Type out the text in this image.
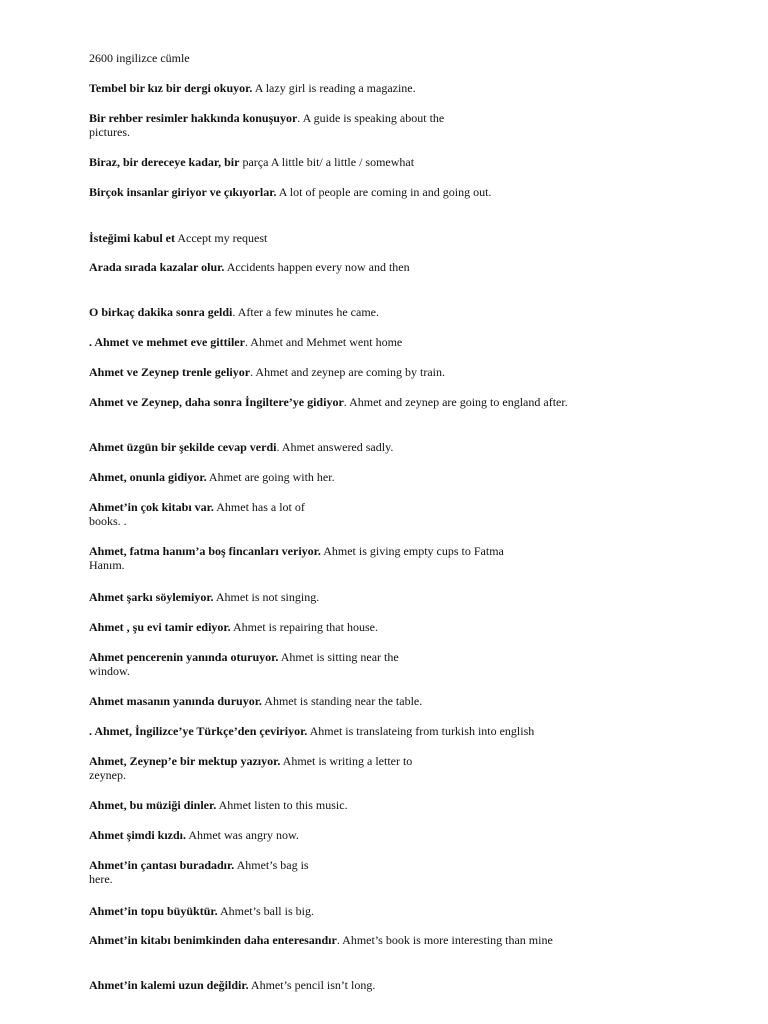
2600 ingilizce cümle
Tembel bir kız bir dergi okuyor. A lazy girl is reading a magazine.
Bir rehber resimler hakkında konuşuyor. A guide is speaking about the pictures.
Biraz, bir dereceye kadar, bir parça A little bit/ a little / somewhat
Birçok insanlar giriyor ve çıkıyorlar. A lot of people are coming in and going out.
İsteğimi kabul et Accept my request
Arada sırada kazalar olur. Accidents happen every now and then
O birkaç dakika sonra geldi. After a few minutes he came.
. Ahmet ve mehmet eve gittiler. Ahmet and Mehmet went home
Ahmet ve Zeynep trenle geliyor. Ahmet and zeynep are coming by train.
Ahmet ve Zeynep, daha sonra İngiltere’ye gidiyor. Ahmet and zeynep are going to england after.
Ahmet üzgün bir şekilde cevap verdi. Ahmet answered sadly.
Ahmet, onunla gidiyor. Ahmet are going with her.
Ahmet’in çok kitabı var. Ahmet has a lot of books. .
Ahmet, fatma hanım’a boş fincanları veriyor. Ahmet is giving empty cups to Fatma Hanım.
Ahmet şarkı söylemiyor. Ahmet is not singing.
Ahmet , şu evi tamir ediyor. Ahmet is repairing that house.
Ahmet pencerenin yanında oturuyor. Ahmet is sitting near the window.
Ahmet masanın yanında duruyor. Ahmet is standing near the table.
. Ahmet, İngilizce’ye Türkçe’den çeviriyor. Ahmet is translateing from turkish into english
Ahmet, Zeynep’e bir mektup yazıyor. Ahmet is writing a letter to zeynep.
Ahmet, bu müziği dinler. Ahmet listen to this music.
Ahmet şimdi kızdı. Ahmet was angry now.
Ahmet’in çantası buradadır. Ahmet’s bag is here.
Ahmet’in topu büyüktür. Ahmet’s ball is big.
Ahmet’in kitabı benimkinden daha enteresandır. Ahmet’s book is more interesting than mine
Ahmet’in kalemi uzun değildir. Ahmet’s pencil isn’t long.
